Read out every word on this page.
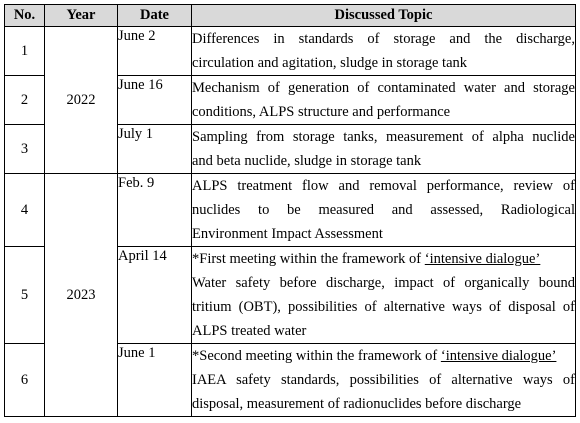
No.	Year	Date	Discussed Topic
1	2022	June 2	Differences in standards of storage and the discharge,
circulation and agitation, sludge in storage tank

2		June 16	Mechanism of generation of contaminated water and storage
conditions, ALPS structure and performance

3		July 1	Sampling from storage tanks, measurement of alpha nuclide
and beta nuclide, sludge in storage tank

4	2023	Feb. 9	ALPS treatment flow and removal performance, review of
nuclides to be measured and assessed, Radiological
Environment Impact Assessment

5		April 14	*First meeting within the framework of ‘intensive dialogue’
Water safety before discharge, impact of organically bound
tritium (OBT), possibilities of alternative ways of disposal of
ALPS treated water

6		June 1	*Second meeting within the framework of ‘intensive dialogue’
IAEA safety standards, possibilities of alternative ways of
disposal, measurement of radionuclides before discharge
